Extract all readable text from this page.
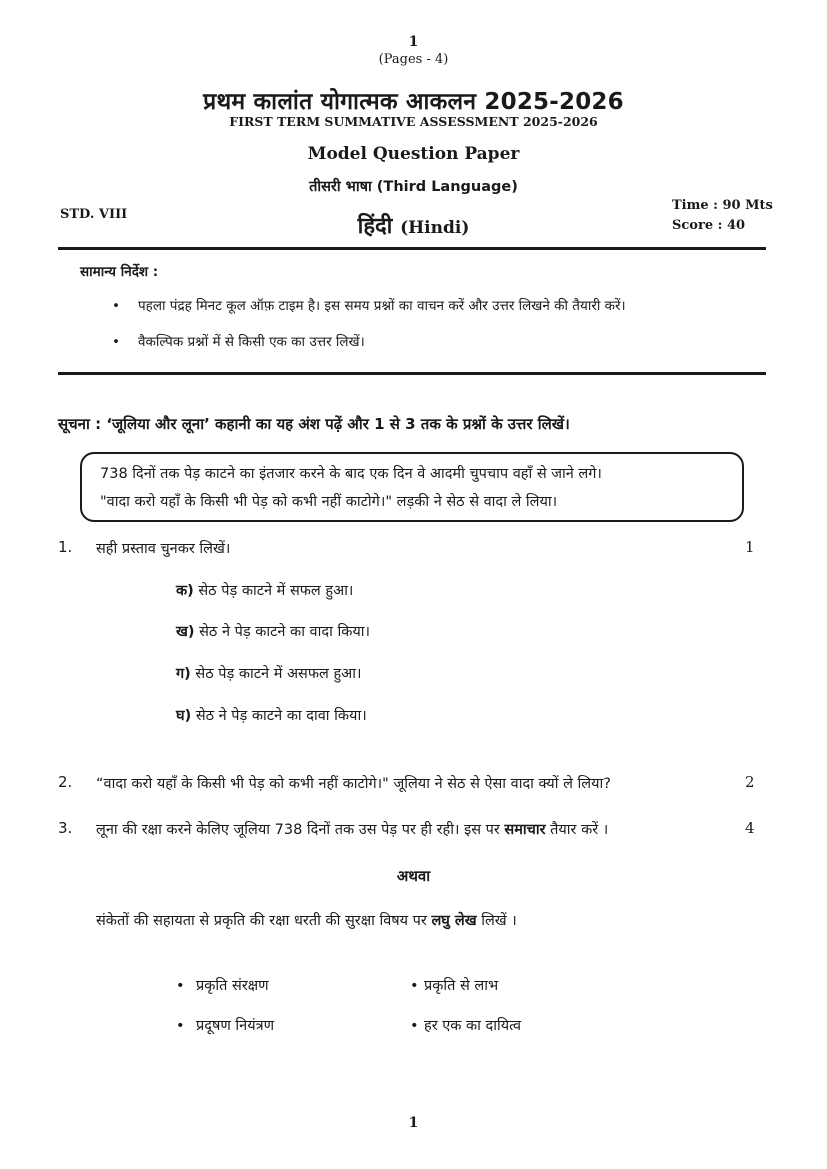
1
(Pages - 4)
प्रथम कालांत योगात्मक आकलन 2025-2026
FIRST TERM SUMMATIVE ASSESSMENT 2025-2026
Model Question Paper
तीसरी भाषा (Third Language)
STD. VIII	हिंदी (Hindi)
Time : 90 Mts
Score : 40
सामान्य निर्देश :
• पहला पंद्रह मिनट कूल ऑफ़ टाइम है। इस समय प्रश्नों का वाचन करें और उत्तर लिखने की तैयारी करें।
• वैकल्पिक प्रश्नों में से किसी एक का उत्तर लिखें।
सूचना : ‘जूलिया और लूना’ कहानी का यह अंश पढ़ें और 1 से 3 तक के प्रश्नों के उत्तर लिखें।
738 दिनों तक पेड़ काटने का इंतजार करने के बाद एक दिन वे आदमी चुपचाप वहाँ से जाने लगे।
"वादा करो यहाँ के किसी भी पेड़ को कभी नहीं काटोगे।" लड़की ने सेठ से वादा ले लिया।
1. सही प्रस्ताव चुनकर लिखें।	1
क) सेठ पेड़ काटने में सफल हुआ।
ख) सेठ ने पेड़ काटने का वादा किया।
ग) सेठ पेड़ काटने में असफल हुआ।
घ) सेठ ने पेड़ काटने का दावा किया।
2. “वादा करो यहाँ के किसी भी पेड़ को कभी नहीं काटोगे।" जूलिया ने सेठ से ऐसा वादा क्यों ले लिया?	2
3. लूना की रक्षा करने केलिए जूलिया 738 दिनों तक उस पेड़ पर ही रही। इस पर समाचार तैयार करें ।	4
अथवा
संकेतों की सहायता से प्रकृति की रक्षा धरती की सुरक्षा विषय पर लघु लेख लिखें ।
• प्रकृति संरक्षण	• प्रकृति से लाभ
• प्रदूषण नियंत्रण	• हर एक का दायित्व
1
